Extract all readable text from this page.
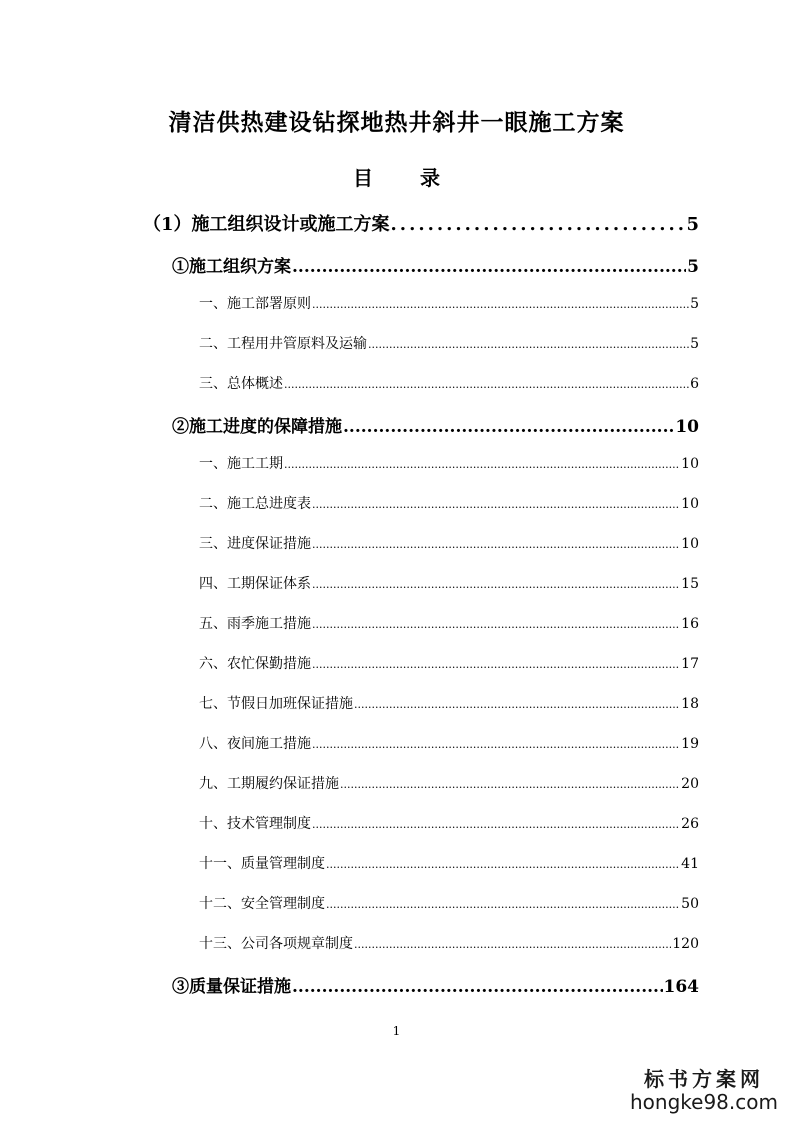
清洁供热建设钻探地热井斜井一眼施工方案
目 录
（1）施工组织设计或施工方案 .....	5
①施工组织方案 .....	5
一、施工部署原则 .....	5
二、工程用井管原料及运输 .....	5
三、总体概述 .....	6
②施工进度的保障措施 .....	10
一、施工工期 .....	10
二、施工总进度表 .....	10
三、进度保证措施 .....	10
四、工期保证体系 .....	15
五、雨季施工措施 .....	16
六、农忙保勤措施 .....	17
七、节假日加班保证措施 .....	18
八、夜间施工措施 .....	19
九、工期履约保证措施 .....	20
十、技术管理制度 .....	26
十一、质量管理制度 .....	41
十二、安全管理制度 .....	50
十三、公司各项规章制度 .....	120
③质量保证措施 .....	164
1
标书方案网
hongke98.com
